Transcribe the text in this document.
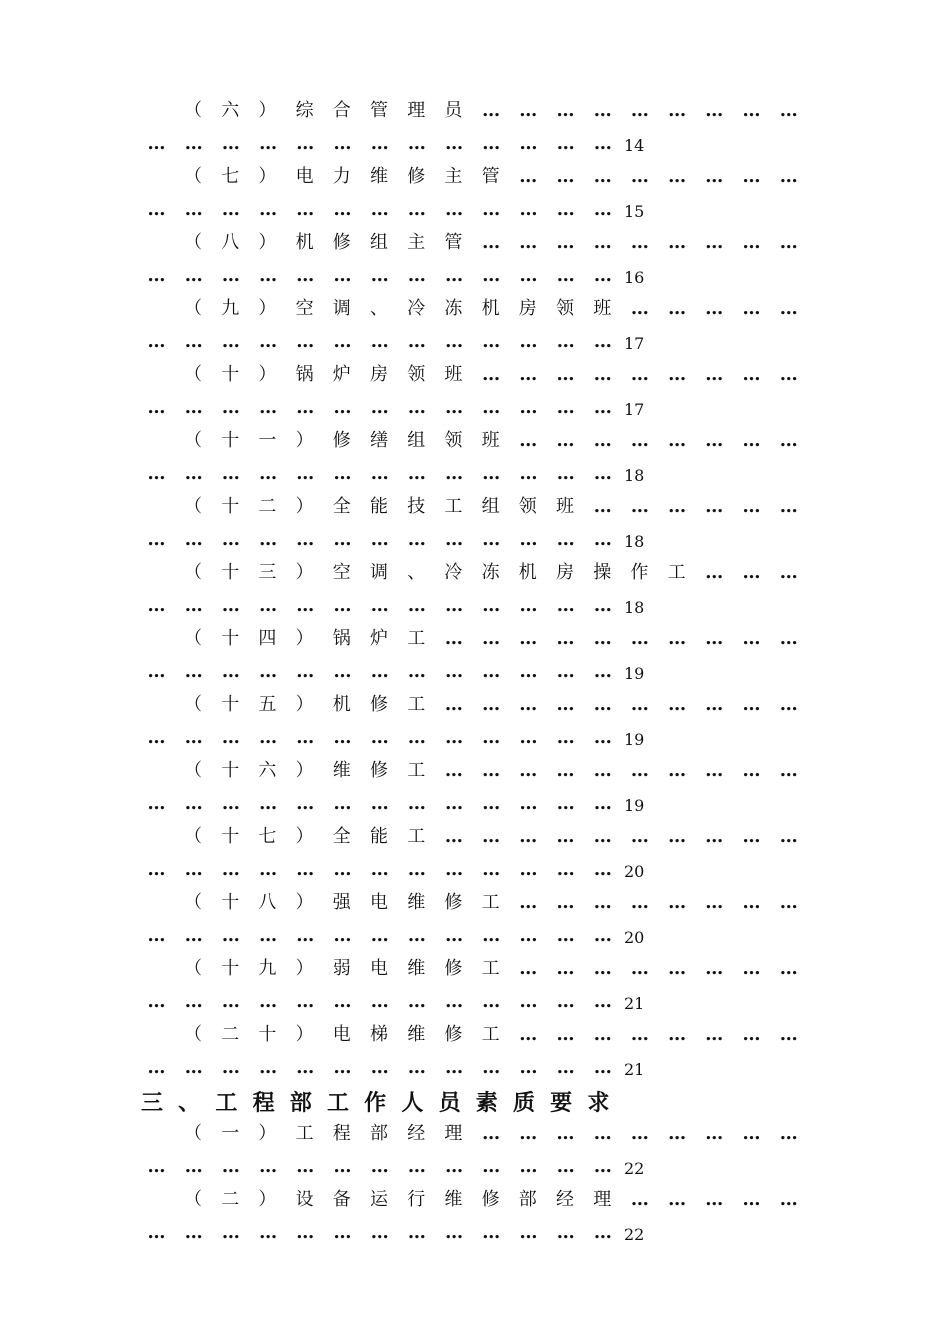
（	六	）	综	合	管	理	员	…	…	…	…	…	…	…	…	…
…	…	…	…	…	…	…	…	…	…	…	…	… 14
（	七	）	电	力	维	修	主	管	…	…	…	…	…	…	…	…
…	…	…	…	…	…	…	…	…	…	…	…	… 15
（	八	）	机	修	组	主	管	…	…	…	…	…	…	…	…	…
…	…	…	…	…	…	…	…	…	…	…	…	… 16
（	九	）	空	调	、	冷	冻	机	房	领	班	…	…	…	…	…
…	…	…	…	…	…	…	…	…	…	…	…	… 17
（	十	）	锅	炉	房	领	班	…	…	…	…	…	…	…	…	…
…	…	…	…	…	…	…	…	…	…	…	…	… 17
（	十	一	）	修	缮	组	领	班	…	…	…	…	…	…	…	…
…	…	…	…	…	…	…	…	…	…	…	…	… 18
（	十	二	）	全	能	技	工	组	领	班	…	…	…	…	…	…
…	…	…	…	…	…	…	…	…	…	…	…	… 18
（	十	三	）	空	调	、	冷	冻	机	房	操	作	工	…	…	…
…	…	…	…	…	…	…	…	…	…	…	…	… 18
（	十	四	）	锅	炉	工	…	…	…	…	…	…	…	…	…	…
…	…	…	…	…	…	…	…	…	…	…	…	… 19
（	十	五	）	机	修	工	…	…	…	…	…	…	…	…	…	…
…	…	…	…	…	…	…	…	…	…	…	…	… 19
（	十	六	）	维	修	工	…	…	…	…	…	…	…	…	…	…
…	…	…	…	…	…	…	…	…	…	…	…	… 19
（	十	七	）	全	能	工	…	…	…	…	…	…	…	…	…	…
…	…	…	…	…	…	…	…	…	…	…	…	… 20
（	十	八	）	强	电	维	修	工	…	…	…	…	…	…	…	…
…	…	…	…	…	…	…	…	…	…	…	…	… 20
（	十	九	）	弱	电	维	修	工	…	…	…	…	…	…	…	…
…	…	…	…	…	…	…	…	…	…	…	…	… 21
（	二	十	）	电	梯	维	修	工	…	…	…	…	…	…	…	…
…	…	…	…	…	…	…	…	…	…	…	…	… 21
三 、 工 程 部 工 作 人 员 素 质 要 求
（	一	）	工	程	部	经	理	…	…	…	…	…	…	…	…	…
…	…	…	…	…	…	…	…	…	…	…	…	… 22
（	二	）	设	备	运	行	维	修	部	经	理	…	…	…	…	…
…	…	…	…	…	…	…	…	…	…	…	…	… 22
